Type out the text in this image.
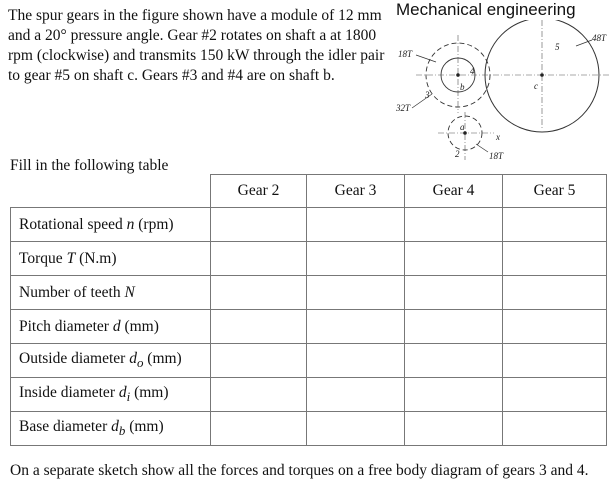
The spur gears in the figure shown have a module of 12 mm and a 20° pressure angle. Gear #2 rotates on shaft a at 1800 rpm (clockwise) and transmits 150 kW through the idler pair to gear #5 on shaft c. Gears #3 and #4 are on shaft b.

Mechanical engineering
18T
48T
32T
18T
3
4
5
2
a
b	c
x
Fill in the following table
	Gear 2	Gear 3	Gear 4	Gear 5
Rotational speed n (rpm)				
Torque T (N.m)				
Number of teeth N				
Pitch diameter d (mm)				
Outside diameter $d_o$ (mm)				
Inside diameter $d_i$ (mm)				
Base diameter $d_b$ (mm)				
On a separate sketch show all the forces and torques on a free body diagram of gears 3 and 4.
